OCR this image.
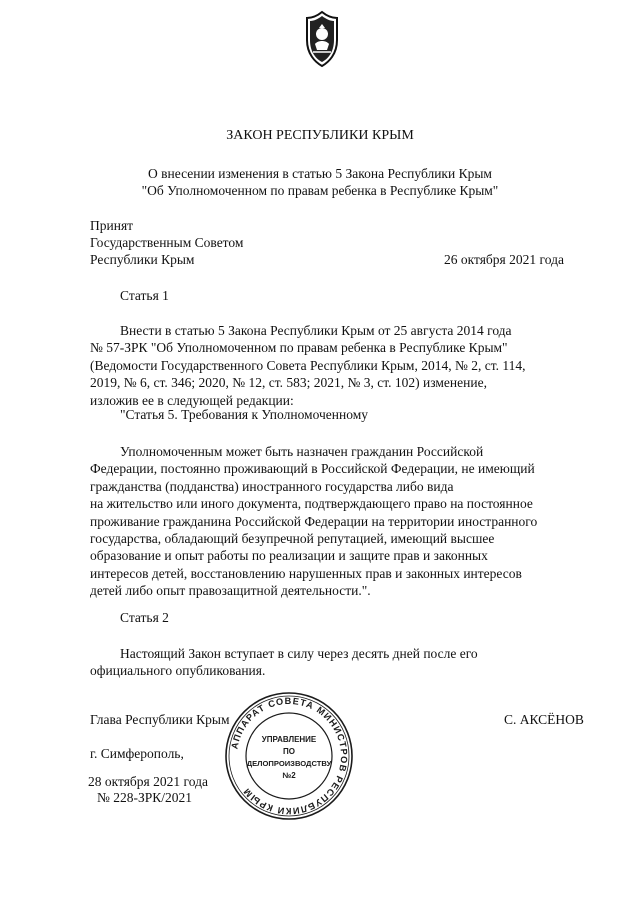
ЗАКОН РЕСПУБЛИКИ КРЫМ
О внесении изменения в статью 5 Закона Республики Крым
"Об Уполномоченном по правам ребенка в Республике Крым"
Принят
Государственным Советом
Республики Крым	26 октября 2021 года
Статья 1
Внести в статью 5 Закона Республики Крым от 25 августа 2014 года
№ 57-ЗРК "Об Уполномоченном по правам ребенка в Республике Крым"
(Ведомости Государственного Совета Республики Крым, 2014, № 2, ст. 114,
2019, № 6, ст. 346; 2020, № 12, ст. 583; 2021, № 3, ст. 102) изменение,
изложив ее в следующей редакции:
"Статья 5. Требования к Уполномоченному
Уполномоченным может быть назначен гражданин Российской
Федерации, постоянно проживающий в Российской Федерации, не имеющий
гражданства (подданства) иностранного государства либо вида
на жительство или иного документа, подтверждающего право на постоянное
проживание гражданина Российской Федерации на территории иностранного
государства, обладающий безупречной репутацией, имеющий высшее
образование и опыт работы по реализации и защите прав и законных
интересов детей, восстановлению нарушенных прав и законных интересов
детей либо опыт правозащитной деятельности.".
Статья 2
Настоящий Закон вступает в силу через десять дней после его
официального опубликования.
Глава Республики Крым	С. АКСЁНОВ
г. Симферополь,
28 октября 2021 года
№ 228-ЗРК/2021
АППАРАТ СОВЕТА МИНИСТРОВ РЕСПУБЛИКИ КРЫМ
УПРАВЛЕНИЕ
ПО
ДЕЛОПРОИЗВОДСТВУ
№2
